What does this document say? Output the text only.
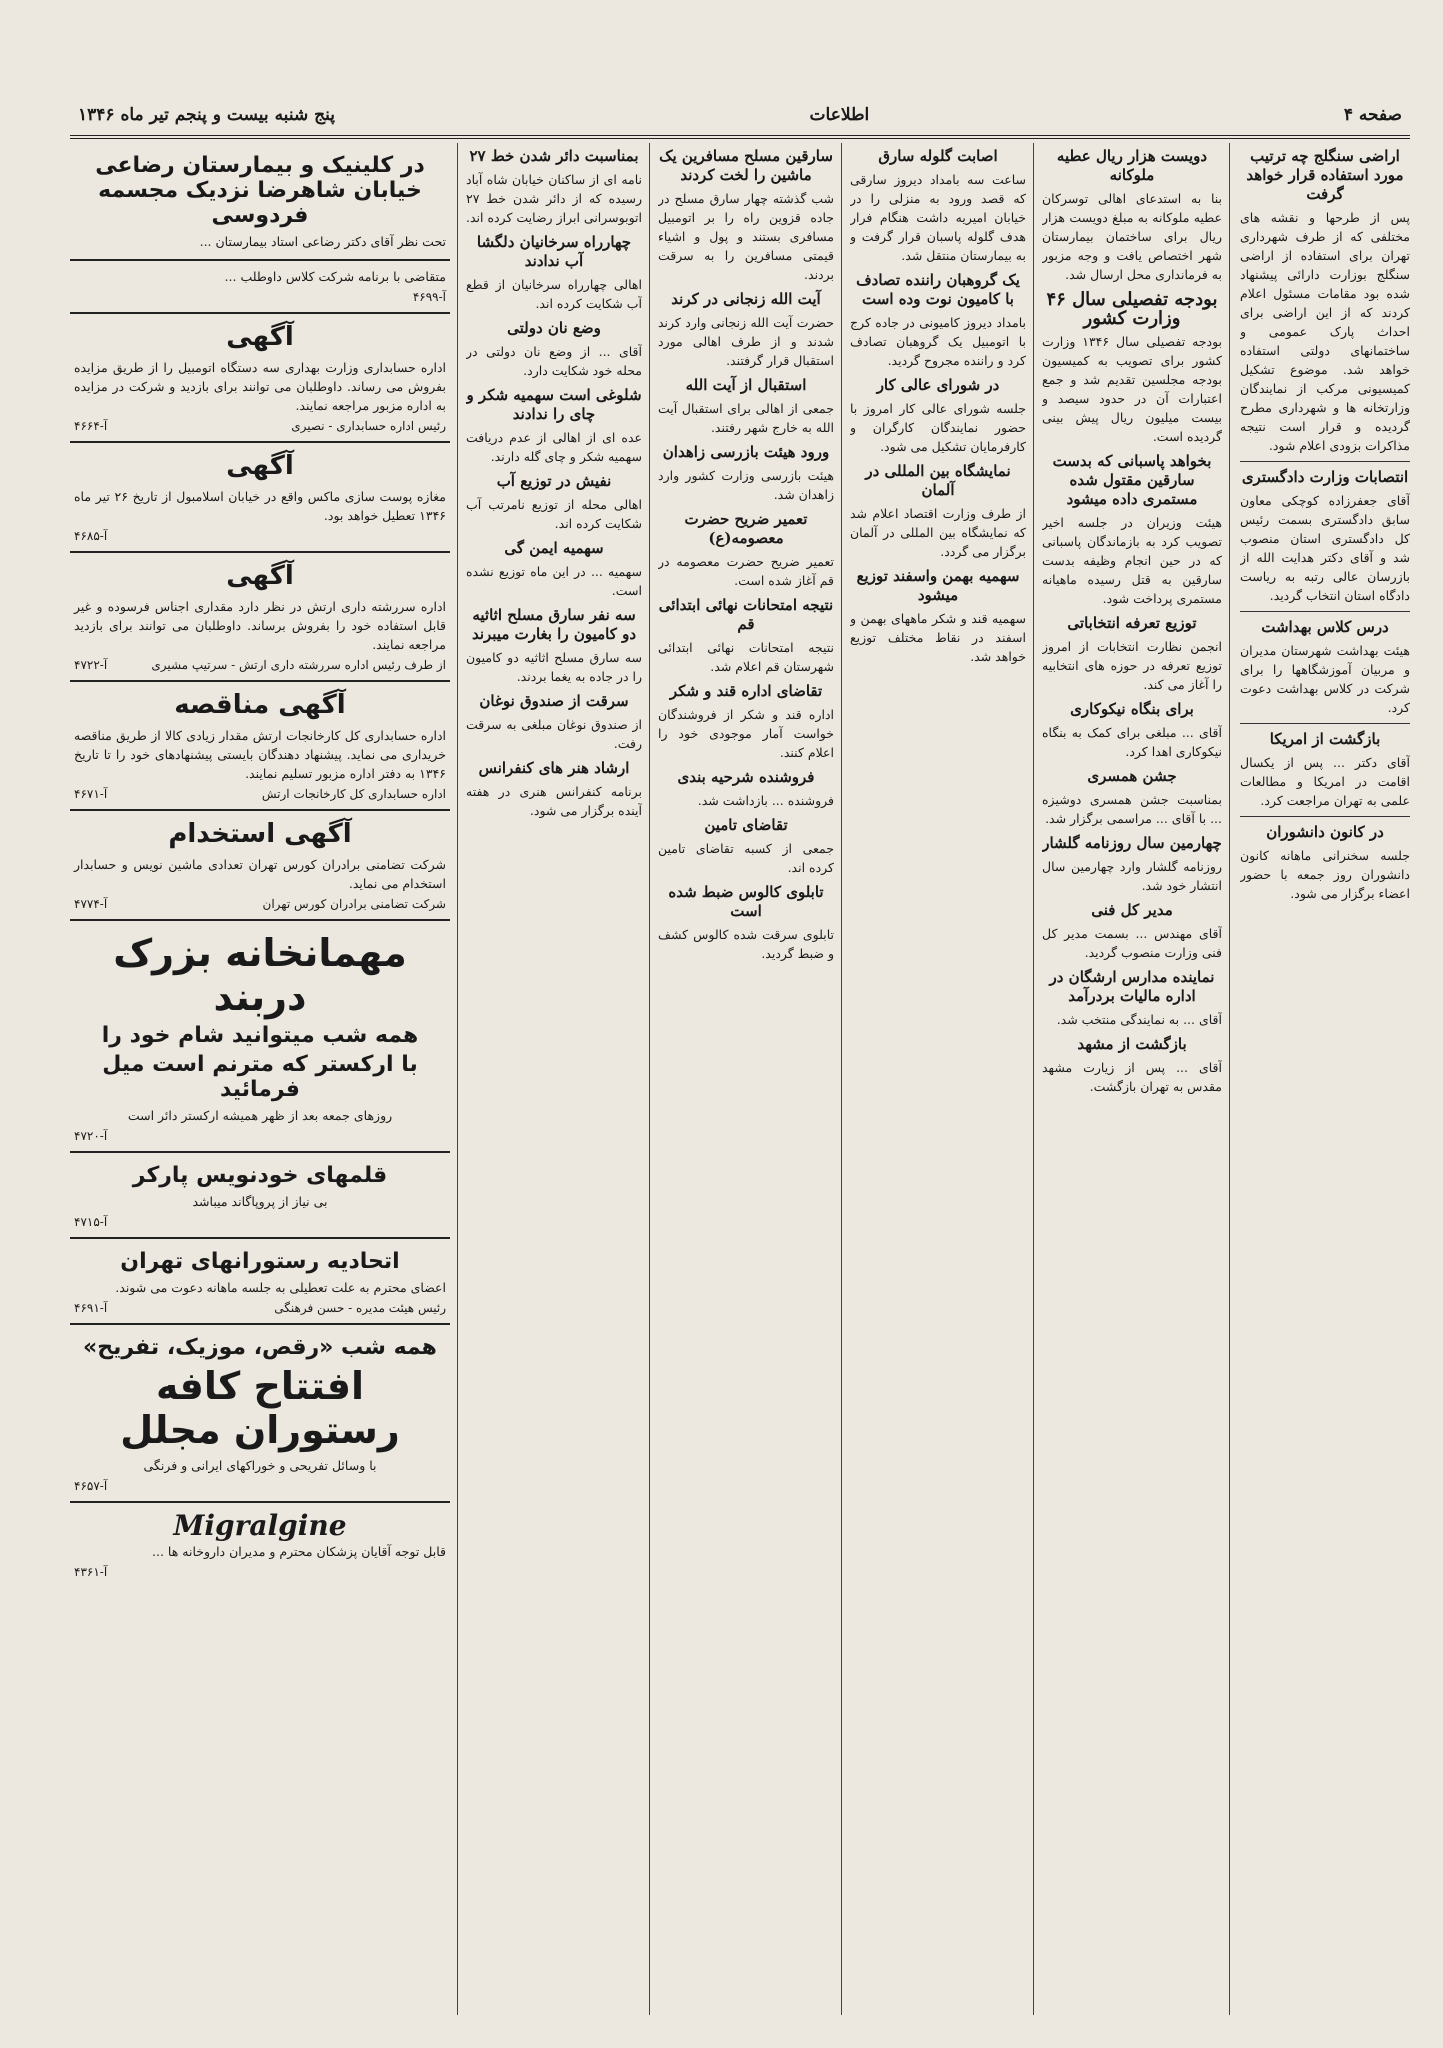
صفحه ۴
اطلاعات
پنج شنبه بیست و پنجم تیر ماه ۱۳۴۶
اراضی سنگلج چه ترتیب مورد استفاده قرار خواهد گرفت

پس از طرحها و نقشه های مختلفی که از طرف شهرداری تهران برای استفاده از اراضی سنگلج بوزارت دارائی پیشنهاد شده بود مقامات مسئول اعلام کردند که از این اراضی برای احداث پارک عمومی و ساختمانهای دولتی استفاده خواهد شد. موضوع تشکیل کمیسیونی مرکب از نمایندگان وزارتخانه ها و شهرداری مطرح گردیده و قرار است نتیجه مذاکرات بزودی اعلام شود.

انتصابات وزارت دادگستری

آقای جعفرزاده کوچکی معاون سابق دادگستری بسمت رئیس کل دادگستری استان منصوب شد و آقای دکتر هدایت الله از بازرسان عالی رتبه به ریاست دادگاه استان انتخاب گردید.

درس کلاس بهداشت

هیئت بهداشت شهرستان مدیران و مربیان آموزشگاهها را برای شرکت در کلاس بهداشت دعوت کرد.

بازگشت از امریکا

آقای دکتر ... پس از یکسال اقامت در امریکا و مطالعات علمی به تهران مراجعت کرد.

در کانون دانشوران

جلسه سخنرانی ماهانه کانون دانشوران روز جمعه با حضور اعضاء برگزار می شود.

دویست هزار ریال عطیه ملوکانه

بنا به استدعای اهالی توسرکان عطیه ملوکانه به مبلغ دویست هزار ریال برای ساختمان بیمارستان شهر اختصاص یافت و وجه مزبور به فرمانداری محل ارسال شد.

بودجه تفصیلی سال ۴۶ وزارت کشور

بودجه تفصیلی سال ۱۳۴۶ وزارت کشور برای تصویب به کمیسیون بودجه مجلسین تقدیم شد و جمع اعتبارات آن در حدود سیصد و بیست میلیون ریال پیش بینی گردیده است.

بخواهد پاسبانی که بدست سارقین مقتول شده مستمری داده میشود

هیئت وزیران در جلسه اخیر تصویب کرد به بازماندگان پاسبانی که در حین انجام وظیفه بدست سارقین به قتل رسیده ماهیانه مستمری پرداخت شود.

توزیع تعرفه انتخاباتی

انجمن نظارت انتخابات از امروز توزیع تعرفه در حوزه های انتخابیه را آغاز می کند.

برای بنگاه نیکوکاری

آقای ... مبلغی برای کمک به بنگاه نیکوکاری اهدا کرد.

جشن همسری

بمناسبت جشن همسری دوشیزه ... با آقای ... مراسمی برگزار شد.

چهارمین سال روزنامه گلشار

روزنامه گلشار وارد چهارمین سال انتشار خود شد.

مدیر کل فنی

آقای مهندس ... بسمت مدیر کل فنی وزارت منصوب گردید.

نماینده مدارس ارشگان در اداره مالیات بردرآمد

آقای ... به نمایندگی منتخب شد.

بازگشت از مشهد

آقای ... پس از زیارت مشهد مقدس به تهران بازگشت.

اصابت گلوله سارق

ساعت سه بامداد دیروز سارقی که قصد ورود به منزلی را در خیابان امیریه داشت هنگام فرار هدف گلوله پاسبان قرار گرفت و به بیمارستان منتقل شد.

یک گروهبان راننده تصادف با کامیون نوت وده است

بامداد دیروز کامیونی در جاده کرج با اتومبیل یک گروهبان تصادف کرد و راننده مجروح گردید.

در شورای عالی کار

جلسه شورای عالی کار امروز با حضور نمایندگان کارگران و کارفرمایان تشکیل می شود.

نمایشگاه بین المللی در آلمان

از طرف وزارت اقتصاد اعلام شد که نمایشگاه بین المللی در آلمان برگزار می گردد.

سهمیه بهمن واسفند توزیع میشود

سهمیه قند و شکر ماههای بهمن و اسفند در نقاط مختلف توزیع خواهد شد.

سارقین مسلح مسافرین یک ماشین را لخت کردند

شب گذشته چهار سارق مسلح در جاده قزوین راه را بر اتومبیل مسافری بستند و پول و اشیاء قیمتی مسافرین را به سرقت بردند.

آیت الله زنجانی در کرند

حضرت آیت الله زنجانی وارد کرند شدند و از طرف اهالی مورد استقبال قرار گرفتند.

استقبال از آیت الله

جمعی از اهالی برای استقبال آیت الله به خارج شهر رفتند.

ورود هیئت بازرسی زاهدان

هیئت بازرسی وزارت کشور وارد زاهدان شد.

تعمیر ضریح حضرت معصومه(ع)

تعمیر ضریح حضرت معصومه در قم آغاز شده است.

نتیجه امتحانات نهائی ابتدائی قم

نتیجه امتحانات نهائی ابتدائی شهرستان قم اعلام شد.

تقاضای اداره قند و شکر

اداره قند و شکر از فروشندگان خواست آمار موجودی خود را اعلام کنند.

فروشنده شرحیه بندی

فروشنده ... بازداشت شد.

تقاضای تامین

جمعی از کسبه تقاضای تامین کرده اند.

تابلوی کالوس ضبط شده است

تابلوی سرقت شده کالوس کشف و ضبط گردید.

بمناسبت دائر شدن خط ۲۷

نامه ای از ساکنان خیابان شاه آباد رسیده که از دائر شدن خط ۲۷ اتوبوسرانی ابراز رضایت کرده اند.

چهارراه سرخانیان دلگشا آب ندادند

اهالی چهارراه سرخانیان از قطع آب شکایت کرده اند.

وضع نان دولتی

آقای ... از وضع نان دولتی در محله خود شکایت دارد.

شلوغی است سهمیه شکر و چای را ندادند

عده ای از اهالی از عدم دریافت سهمیه شکر و چای گله دارند.

نفیش در توزیع آب

اهالی محله از توزیع نامرتب آب شکایت کرده اند.

سهمیه ایمن گی

سهمیه ... در این ماه توزیع نشده است.

سه نفر سارق مسلح اثاثیه دو کامیون را بغارت میبرند

سه سارق مسلح اثاثیه دو کامیون را در جاده به یغما بردند.

سرقت از صندوق نوغان

از صندوق نوغان مبلغی به سرقت رفت.

ارشاد هنر های کنفرانس

برنامه کنفرانس هنری در هفته آینده برگزار می شود.

در کلینیک و بیمارستان رضاعی خیابان شاهرضا نزدیک مجسمه فردوسی
تحت نظر آقای دکتر رضاعی استاد بیمارستان ...
متقاضی با برنامه شرکت کلاس داوطلب ...
آ-۴۶۹۹
آگهی
اداره حسابداری وزارت بهداری سه دستگاه اتومبیل را از طریق مزایده بفروش می رساند. داوطلبان می توانند برای بازدید و شرکت در مزایده به اداره مزبور مراجعه نمایند.
رئیس اداره حسابداری - نصیری
آ-۴۶۶۴
آگهی
مغازه پوست سازی ماکس واقع در خیابان اسلامبول از تاریخ ۲۶ تیر ماه ۱۳۴۶ تعطیل خواهد بود.
آ-۴۶۸۵
آگهی
اداره سررشته داری ارتش در نظر دارد مقداری اجناس فرسوده و غیر قابل استفاده خود را بفروش برساند. داوطلبان می توانند برای بازدید مراجعه نمایند.
از طرف رئیس اداره سررشته داری ارتش - سرتیپ مشیری
آ-۴۷۲۲
آگهی مناقصه
اداره حسابداری کل کارخانجات ارتش مقدار زیادی کالا از طریق مناقصه خریداری می نماید. پیشنهاد دهندگان بایستی پیشنهادهای خود را تا تاریخ ۱۳۴۶ به دفتر اداره مزبور تسلیم نمایند.
اداره حسابداری کل کارخانجات ارتش
آ-۴۶۷۱
آگهی استخدام
شرکت تضامنی برادران کورس تهران تعدادی ماشین نویس و حسابدار استخدام می نماید.
شرکت تضامنی برادران کورس تهران
آ-۴۷۷۴
مهمانخانه بزرک دربند
همه شب میتوانید شام خود را
با ارکستر که مترنم است میل فرمائید
روزهای جمعه بعد از ظهر همیشه ارکستر دائر است
آ-۴۷۲۰
قلمهای خودنویس پارکر
بی نیاز از پروپاگاند میباشد
آ-۴۷۱۵
اتحادیه رستورانهای تهران
اعضای محترم به علت تعطیلی به جلسه ماهانه دعوت می شوند.
رئیس هیئت مدیره - حسن فرهنگی
آ-۴۶۹۱
همه شب «رقص، موزیک، تفریح»
افتتاح کافه رستوران مجلل
با وسائل تفریحی و خوراکهای ایرانی و فرنگی
آ-۴۶۵۷
Migralgine
قابل توجه آقایان پزشکان محترم و مدیران داروخانه ها ...
آ-۴۳۶۱
